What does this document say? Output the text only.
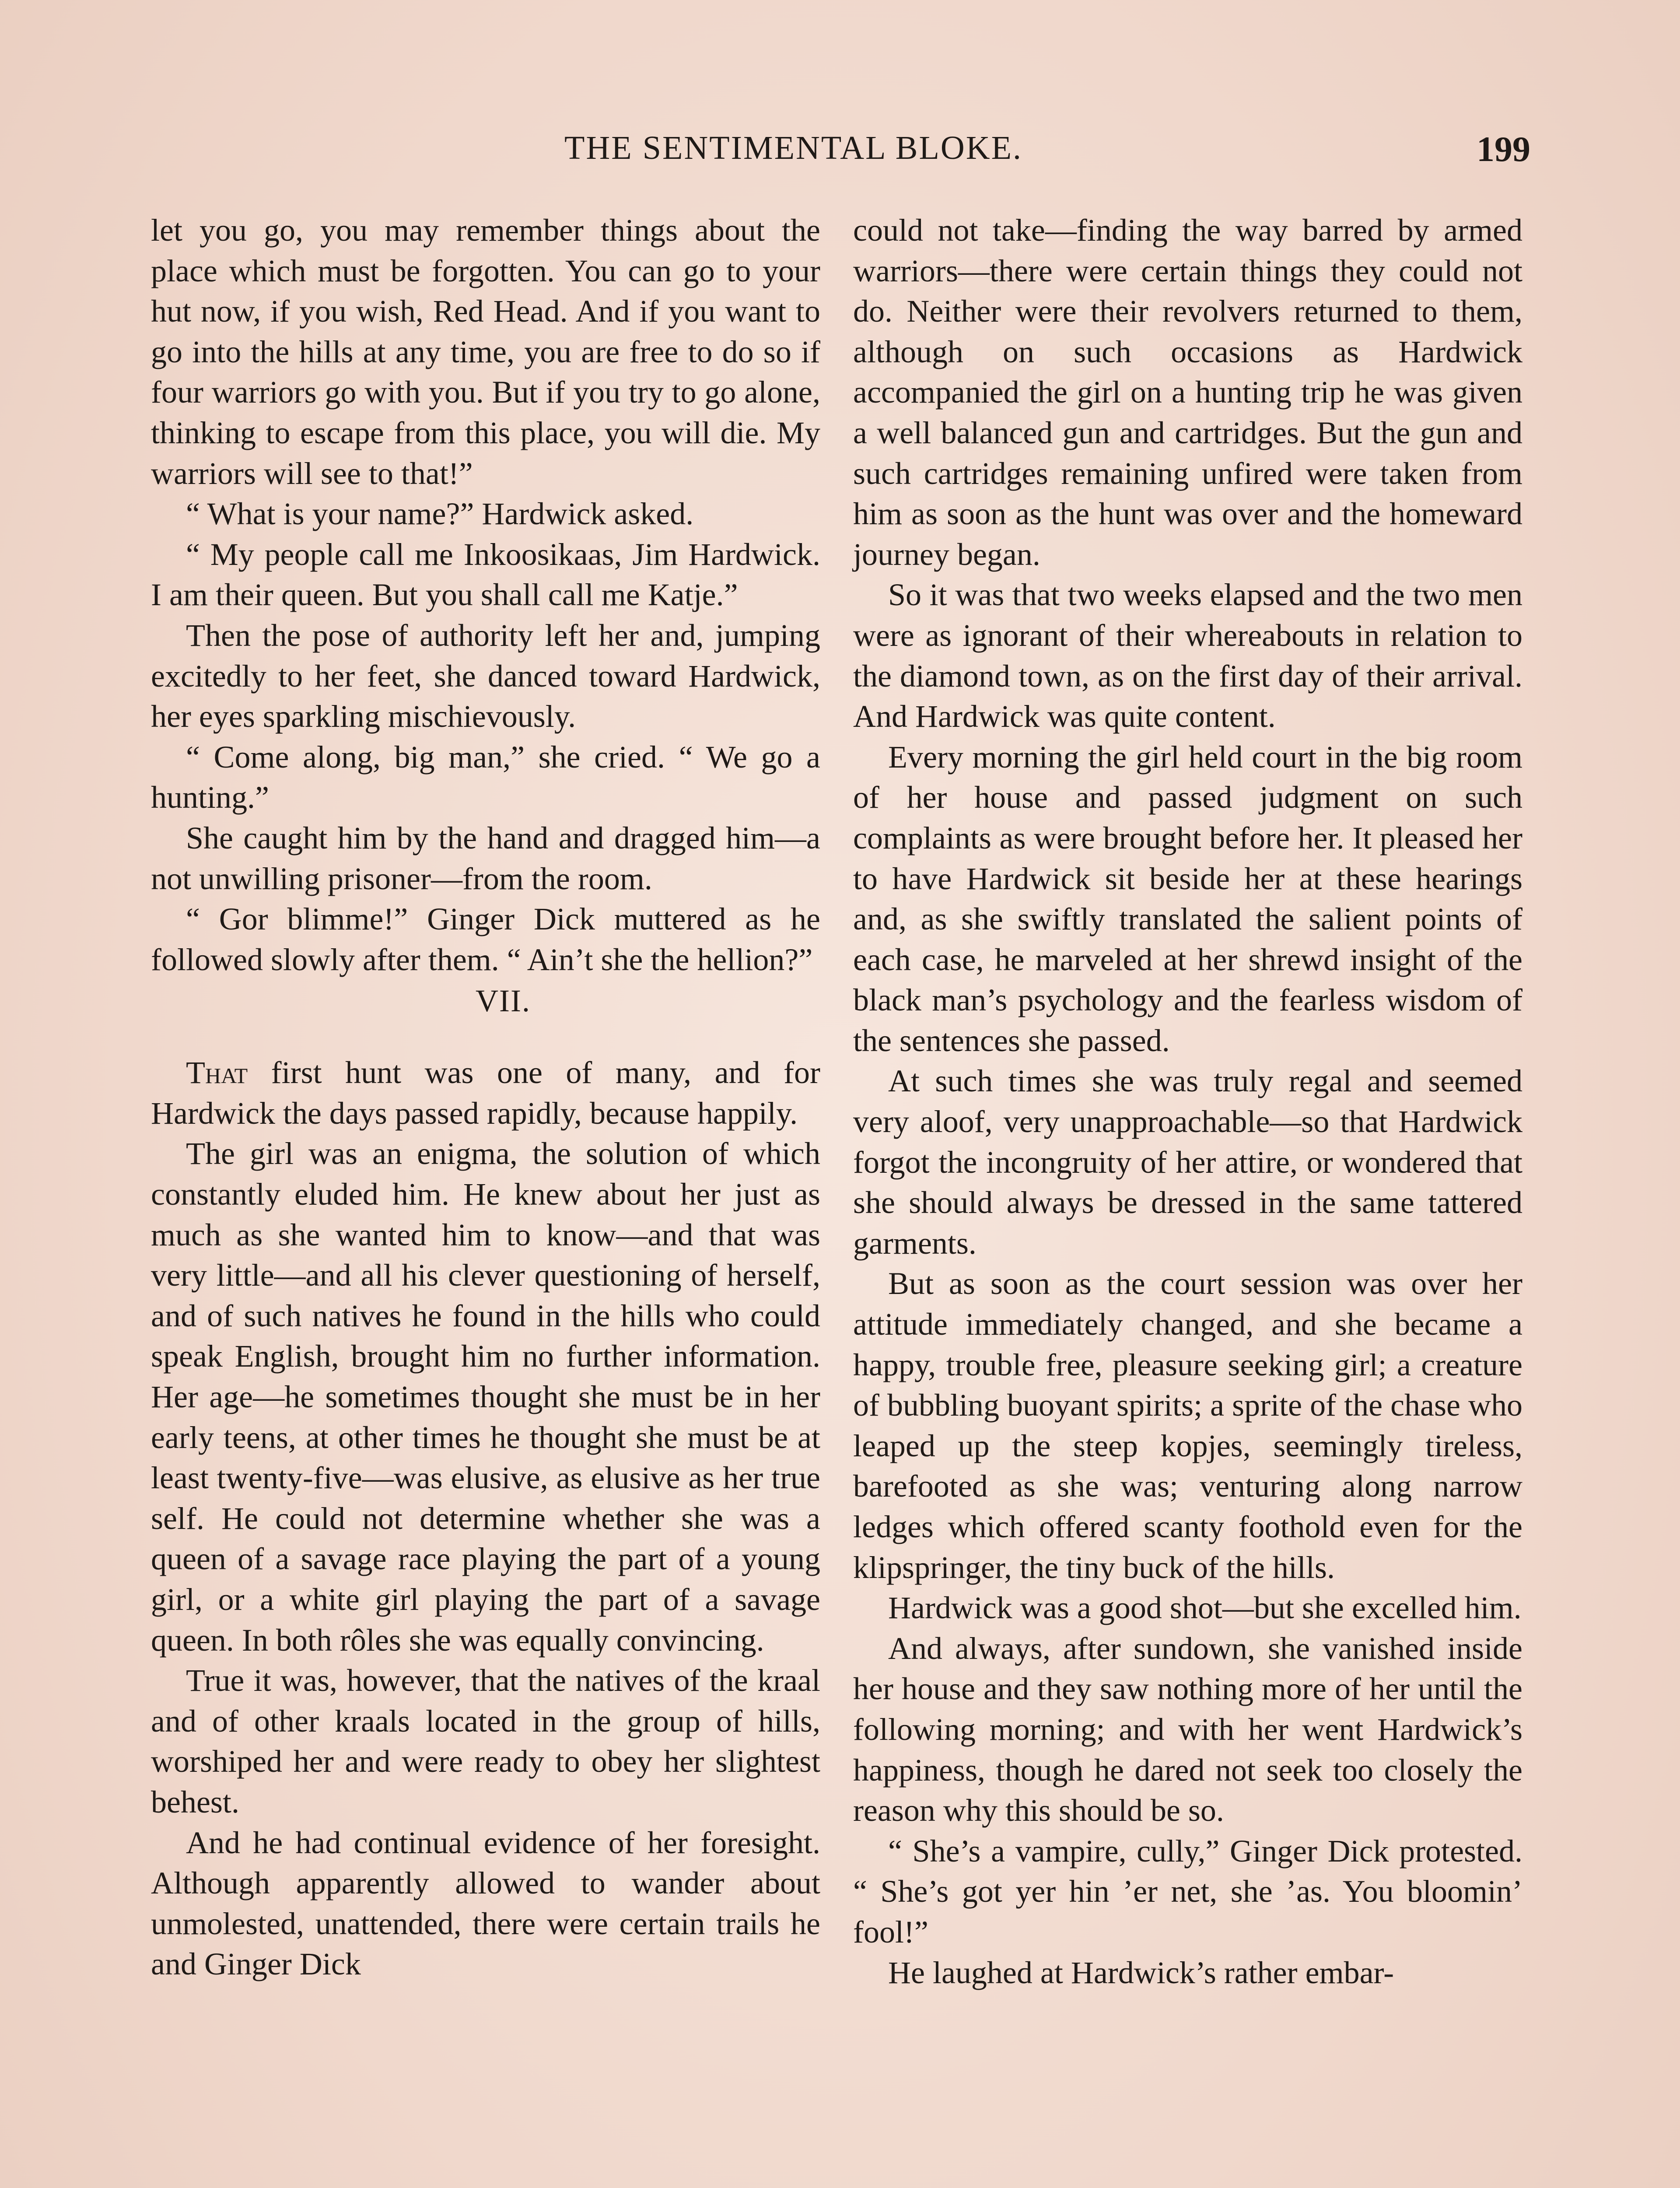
THE SENTIMENTAL BLOKE.	199

let you go, you may remember things about the place which must be forgotten. You can go to your hut now, if you wish, Red Head. And if you want to go into the hills at any time, you are free to do so if four warriors go with you. But if you try to go alone, thinking to escape from this place, you will die. My warriors will see to that!”

“ What is your name?” Hardwick asked.

“ My people call me Inkoosikaas, Jim Hardwick. I am their queen. But you shall call me Katje.”

Then the pose of authority left her and, jumping excitedly to her feet, she danced toward Hardwick, her eyes sparkling mischievously.

“ Come along, big man,” she cried. “ We go a hunting.”

She caught him by the hand and dragged him—a not unwilling prisoner—from the room.

“ Gor blimme!” Ginger Dick muttered as he followed slowly after them. “ Ain’t she the hellion?”

VII.

That first hunt was one of many, and for Hardwick the days passed rapidly, because happily.

The girl was an enigma, the solution of which constantly eluded him. He knew about her just as much as she wanted him to know—and that was very little—and all his clever questioning of herself, and of such natives he found in the hills who could speak English, brought him no further information. Her age—he sometimes thought she must be in her early teens, at other times he thought she must be at least twenty-five—was elusive, as elusive as her true self. He could not determine whether she was a queen of a savage race playing the part of a young girl, or a white girl playing the part of a savage queen. In both rôles she was equally convincing.

True it was, however, that the natives of the kraal and of other kraals located in the group of hills, worshiped her and were ready to obey her slightest behest.

And he had continual evidence of her foresight. Although apparently allowed to wander about unmolested, unattended, there were certain trails he and Ginger Dick

could not take—finding the way barred by armed warriors—there were certain things they could not do. Neither were their revolvers returned to them, although on such occasions as Hardwick accompanied the girl on a hunting trip he was given a well balanced gun and cartridges. But the gun and such cartridges remaining unfired were taken from him as soon as the hunt was over and the homeward journey began.

So it was that two weeks elapsed and the two men were as ignorant of their whereabouts in relation to the diamond town, as on the first day of their arrival. And Hardwick was quite content.

Every morning the girl held court in the big room of her house and passed judgment on such complaints as were brought before her. It pleased her to have Hardwick sit beside her at these hearings and, as she swiftly translated the salient points of each case, he marveled at her shrewd insight of the black man’s psychology and the fearless wisdom of the sentences she passed.

At such times she was truly regal and seemed very aloof, very unapproachable—so that Hardwick forgot the incongruity of her attire, or wondered that she should always be dressed in the same tattered garments.

But as soon as the court session was over her attitude immediately changed, and she became a happy, trouble free, pleasure seeking girl; a creature of bubbling buoyant spirits; a sprite of the chase who leaped up the steep kopjes, seemingly tireless, barefooted as she was; venturing along narrow ledges which offered scanty foothold even for the klipspringer, the tiny buck of the hills.

Hardwick was a good shot—but she excelled him.

And always, after sundown, she vanished inside her house and they saw nothing more of her until the following morning; and with her went Hardwick’s happiness, though he dared not seek too closely the reason why this should be so.

“ She’s a vampire, cully,” Ginger Dick protested. “ She’s got yer hin ’er net, she ’as. You bloomin’ fool!”

He laughed at Hardwick’s rather embar-
